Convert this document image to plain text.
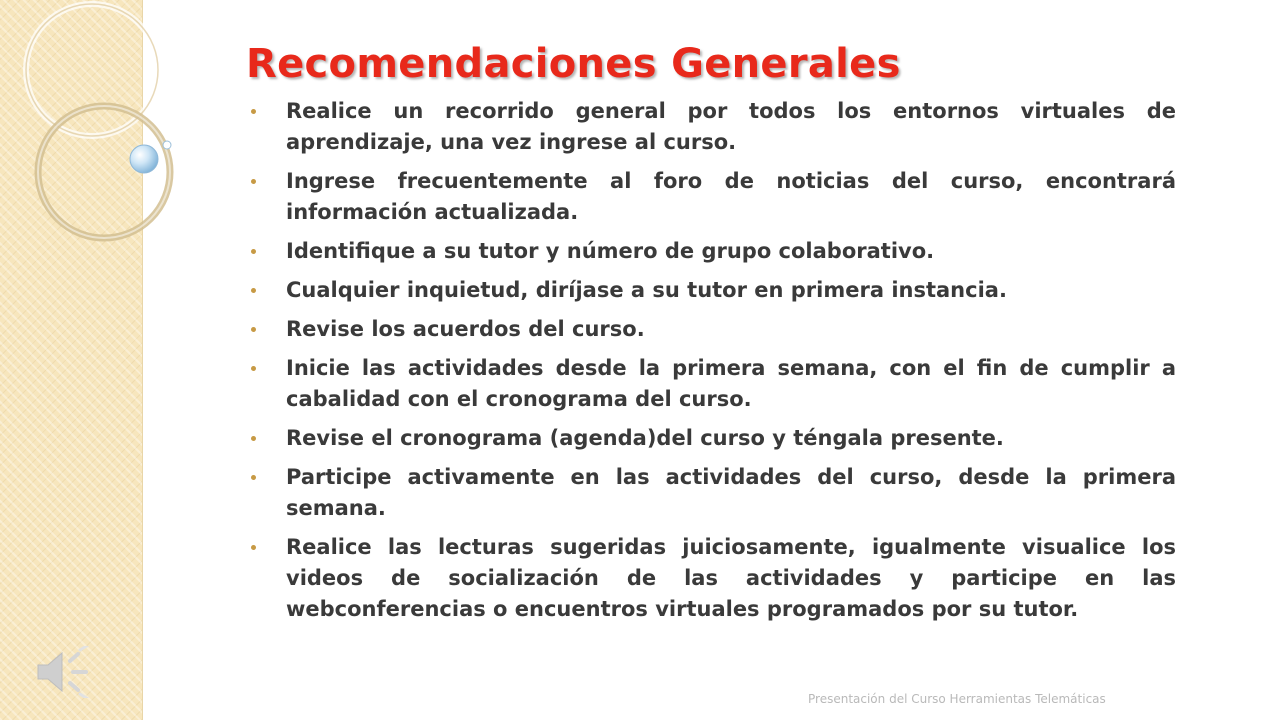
Recomendaciones Generales
Realice un recorrido general por todos los entornos virtuales de aprendizaje, una vez ingrese al curso.
Ingrese frecuentemente al foro de noticias del curso, encontrará información actualizada.
Identifique a su tutor y número de grupo colaborativo.
Cualquier inquietud, diríjase a su tutor en primera instancia.
Revise los acuerdos del curso.
Inicie las actividades desde la primera semana, con el fin de cumplir a cabalidad con el cronograma del curso.
Revise el cronograma (agenda)del curso y téngala presente.
Participe activamente en las actividades del curso, desde la primera semana.
Realice las lecturas sugeridas juiciosamente, igualmente visualice los videos de socialización de las actividades y participe en las webconferencias o encuentros virtuales programados por su tutor.
Presentación del Curso Herramientas Telemáticas
